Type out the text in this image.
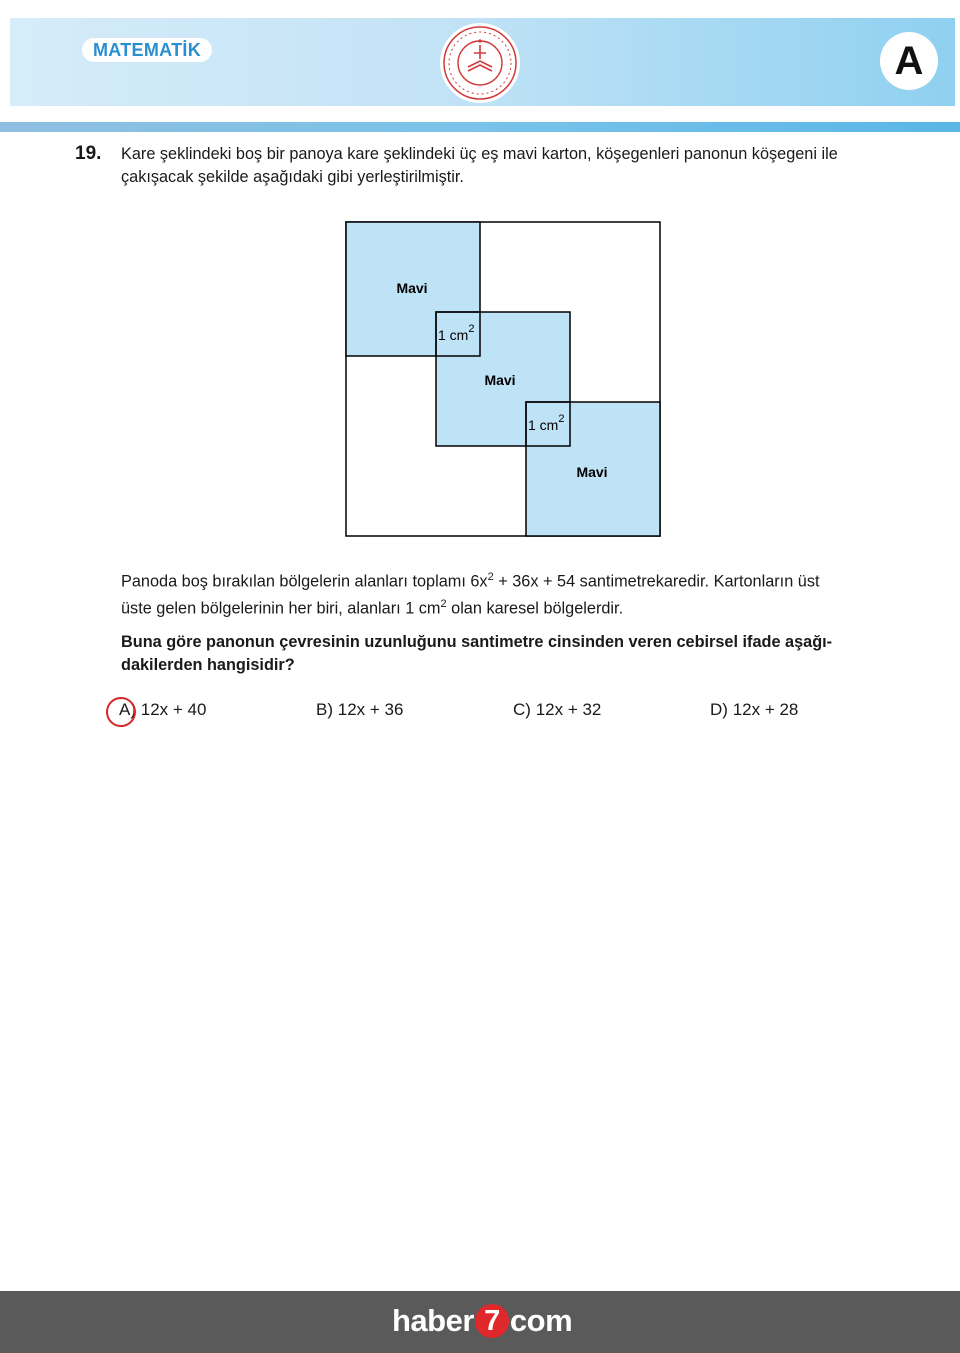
MATEMATİK	A
19. Kare şeklindeki boş bir panoya kare şeklindeki üç eş mavi karton, köşegenleri panonun köşegeni ile
çakışacak şekilde aşağıdaki gibi yerleştirilmiştir.
Mavi
Mavi
Mavi
1 $cm^2$
1 $cm^2$
Panoda boş bırakılan bölgelerin alanları toplamı $6x^2 + 36x + 54$ santimetrekaredir. Kartonların üst
üste gelen bölgelerinin her biri, alanları 1 $cm^2$ olan karesel bölgelerdir.
Buna göre panonun çevresinin uzunluğunu santimetre cinsinden veren cebirsel ifade aşağı-
dakilerden hangisidir?
A) 12x + 40	B) 12x + 36	C) 12x + 32	D) 12x + 28
haber 7 com
